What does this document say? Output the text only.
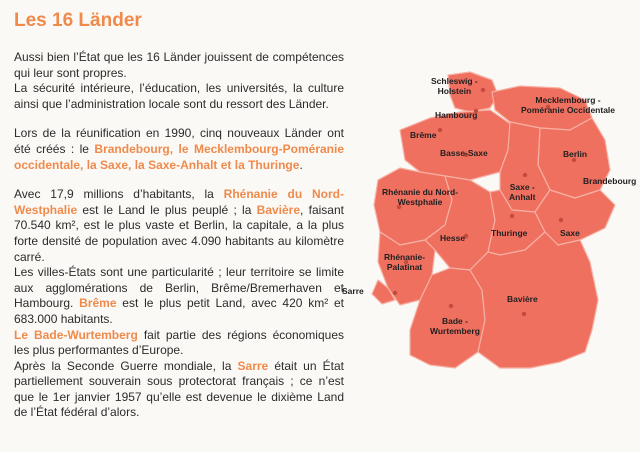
Les 16 Länder

Aussi bien l’État que les 16 Länder jouissent de compétences qui leur sont propres.
La sécurité intérieure, l’éducation, les universités, la culture ainsi que l’administration locale sont du ressort des Länder.

Lors de la réunification en 1990, cinq nouveaux Länder ont été créés : le Brandebourg, le Mecklembourg-Poméranie occidentale, la Saxe, la Saxe-Anhalt et la Thuringe.

Avec 17,9 millions d’habitants, la Rhénanie du Nord-Westphalie est le Land le plus peuplé ; la Bavière, faisant 70.540 km², est le plus vaste et Berlin, la capitale, a la plus forte densité de population avec 4.090 habitants au kilomètre carré.
Les villes-États sont une particularité ; leur territoire se limite aux agglomérations de Berlin, Brême/Bremerhaven et Hambourg. Brême est le plus petit Land, avec 420 km² et 683.000 habitants.
Le Bade-Wurtemberg fait partie des régions économiques les plus performantes d’Europe.
Après la Seconde Guerre mondiale, la Sarre était un État partiellement souverain sous protectorat français ; ce n’est que le 1er janvier 1957 qu’elle est devenue le dixième Land de l’État fédéral d’alors.

Schleswig -
Holstein
Mecklembourg -
Poméranie Occidentale
Hambourg
Brême
Berlin
Basse-Saxe
Brandebourg
Rhénanie du Nord-
Westphalie
Saxe -
Anhalt
Hesse	Thuringe	Saxe
Rhénanie-
Palatinat
Sarre
Bavière
Bade -
Wurtemberg
